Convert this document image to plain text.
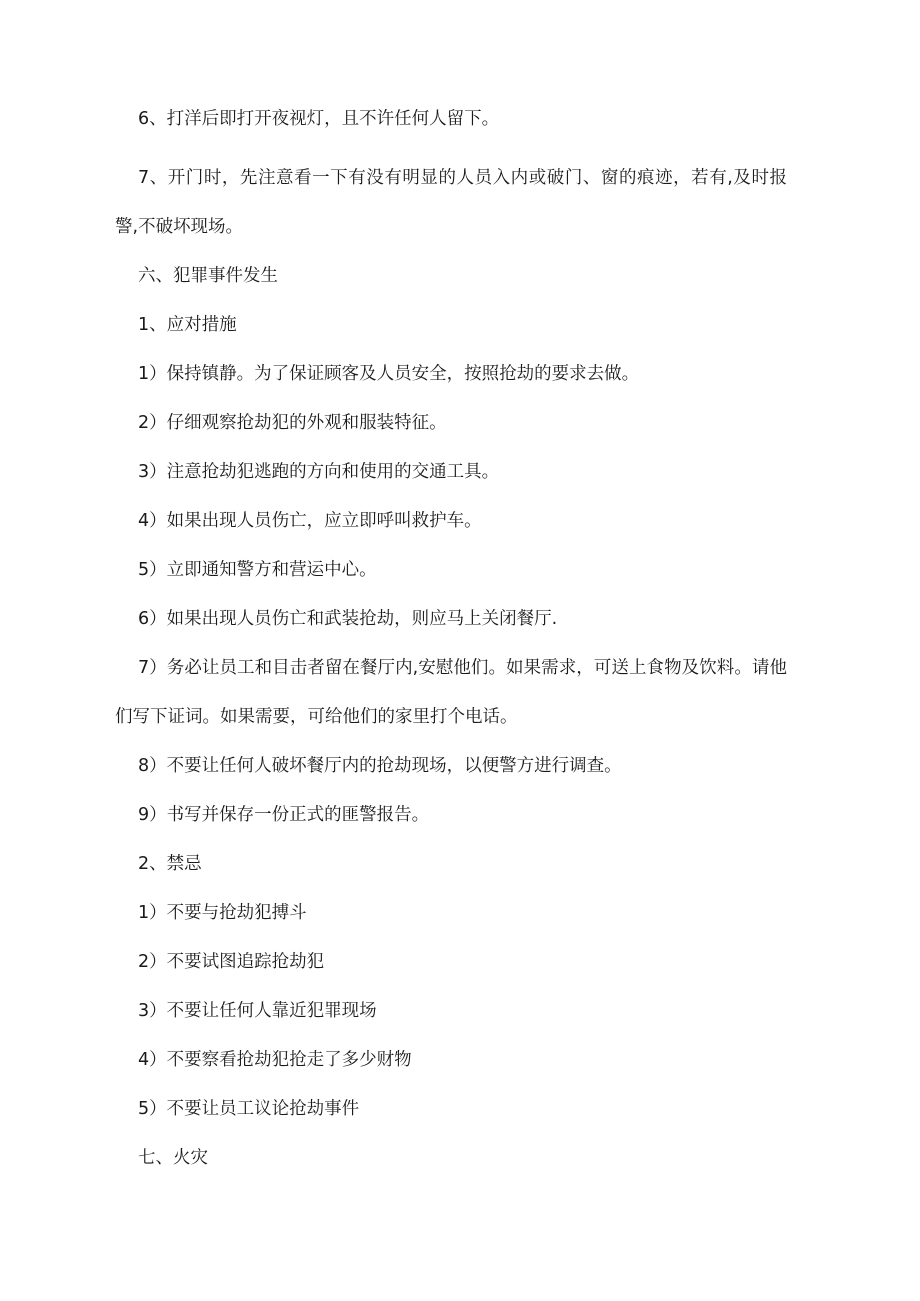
6、打洋后即打开夜视灯，且不许任何人留下。

7、开门时，先注意看一下有没有明显的人员入内或破门、窗的痕迹，若有,及时报警,不破坏现场。

六、犯罪事件发生

1、应对措施

1）保持镇静。为了保证顾客及人员安全，按照抢劫的要求去做。

2）仔细观察抢劫犯的外观和服装特征。

3）注意抢劫犯逃跑的方向和使用的交通工具。

4）如果出现人员伤亡，应立即呼叫救护车。

5）立即通知警方和营运中心。

6）如果出现人员伤亡和武装抢劫，则应马上关闭餐厅.

7）务必让员工和目击者留在餐厅内,安慰他们。如果需求，可送上食物及饮料。请他们写下证词。如果需要，可给他们的家里打个电话。

8）不要让任何人破坏餐厅内的抢劫现场，以便警方进行调查。

9）书写并保存一份正式的匪警报告。

2、禁忌

1）不要与抢劫犯搏斗

2）不要试图追踪抢劫犯

3）不要让任何人靠近犯罪现场

4）不要察看抢劫犯抢走了多少财物

5）不要让员工议论抢劫事件

七、火灾
